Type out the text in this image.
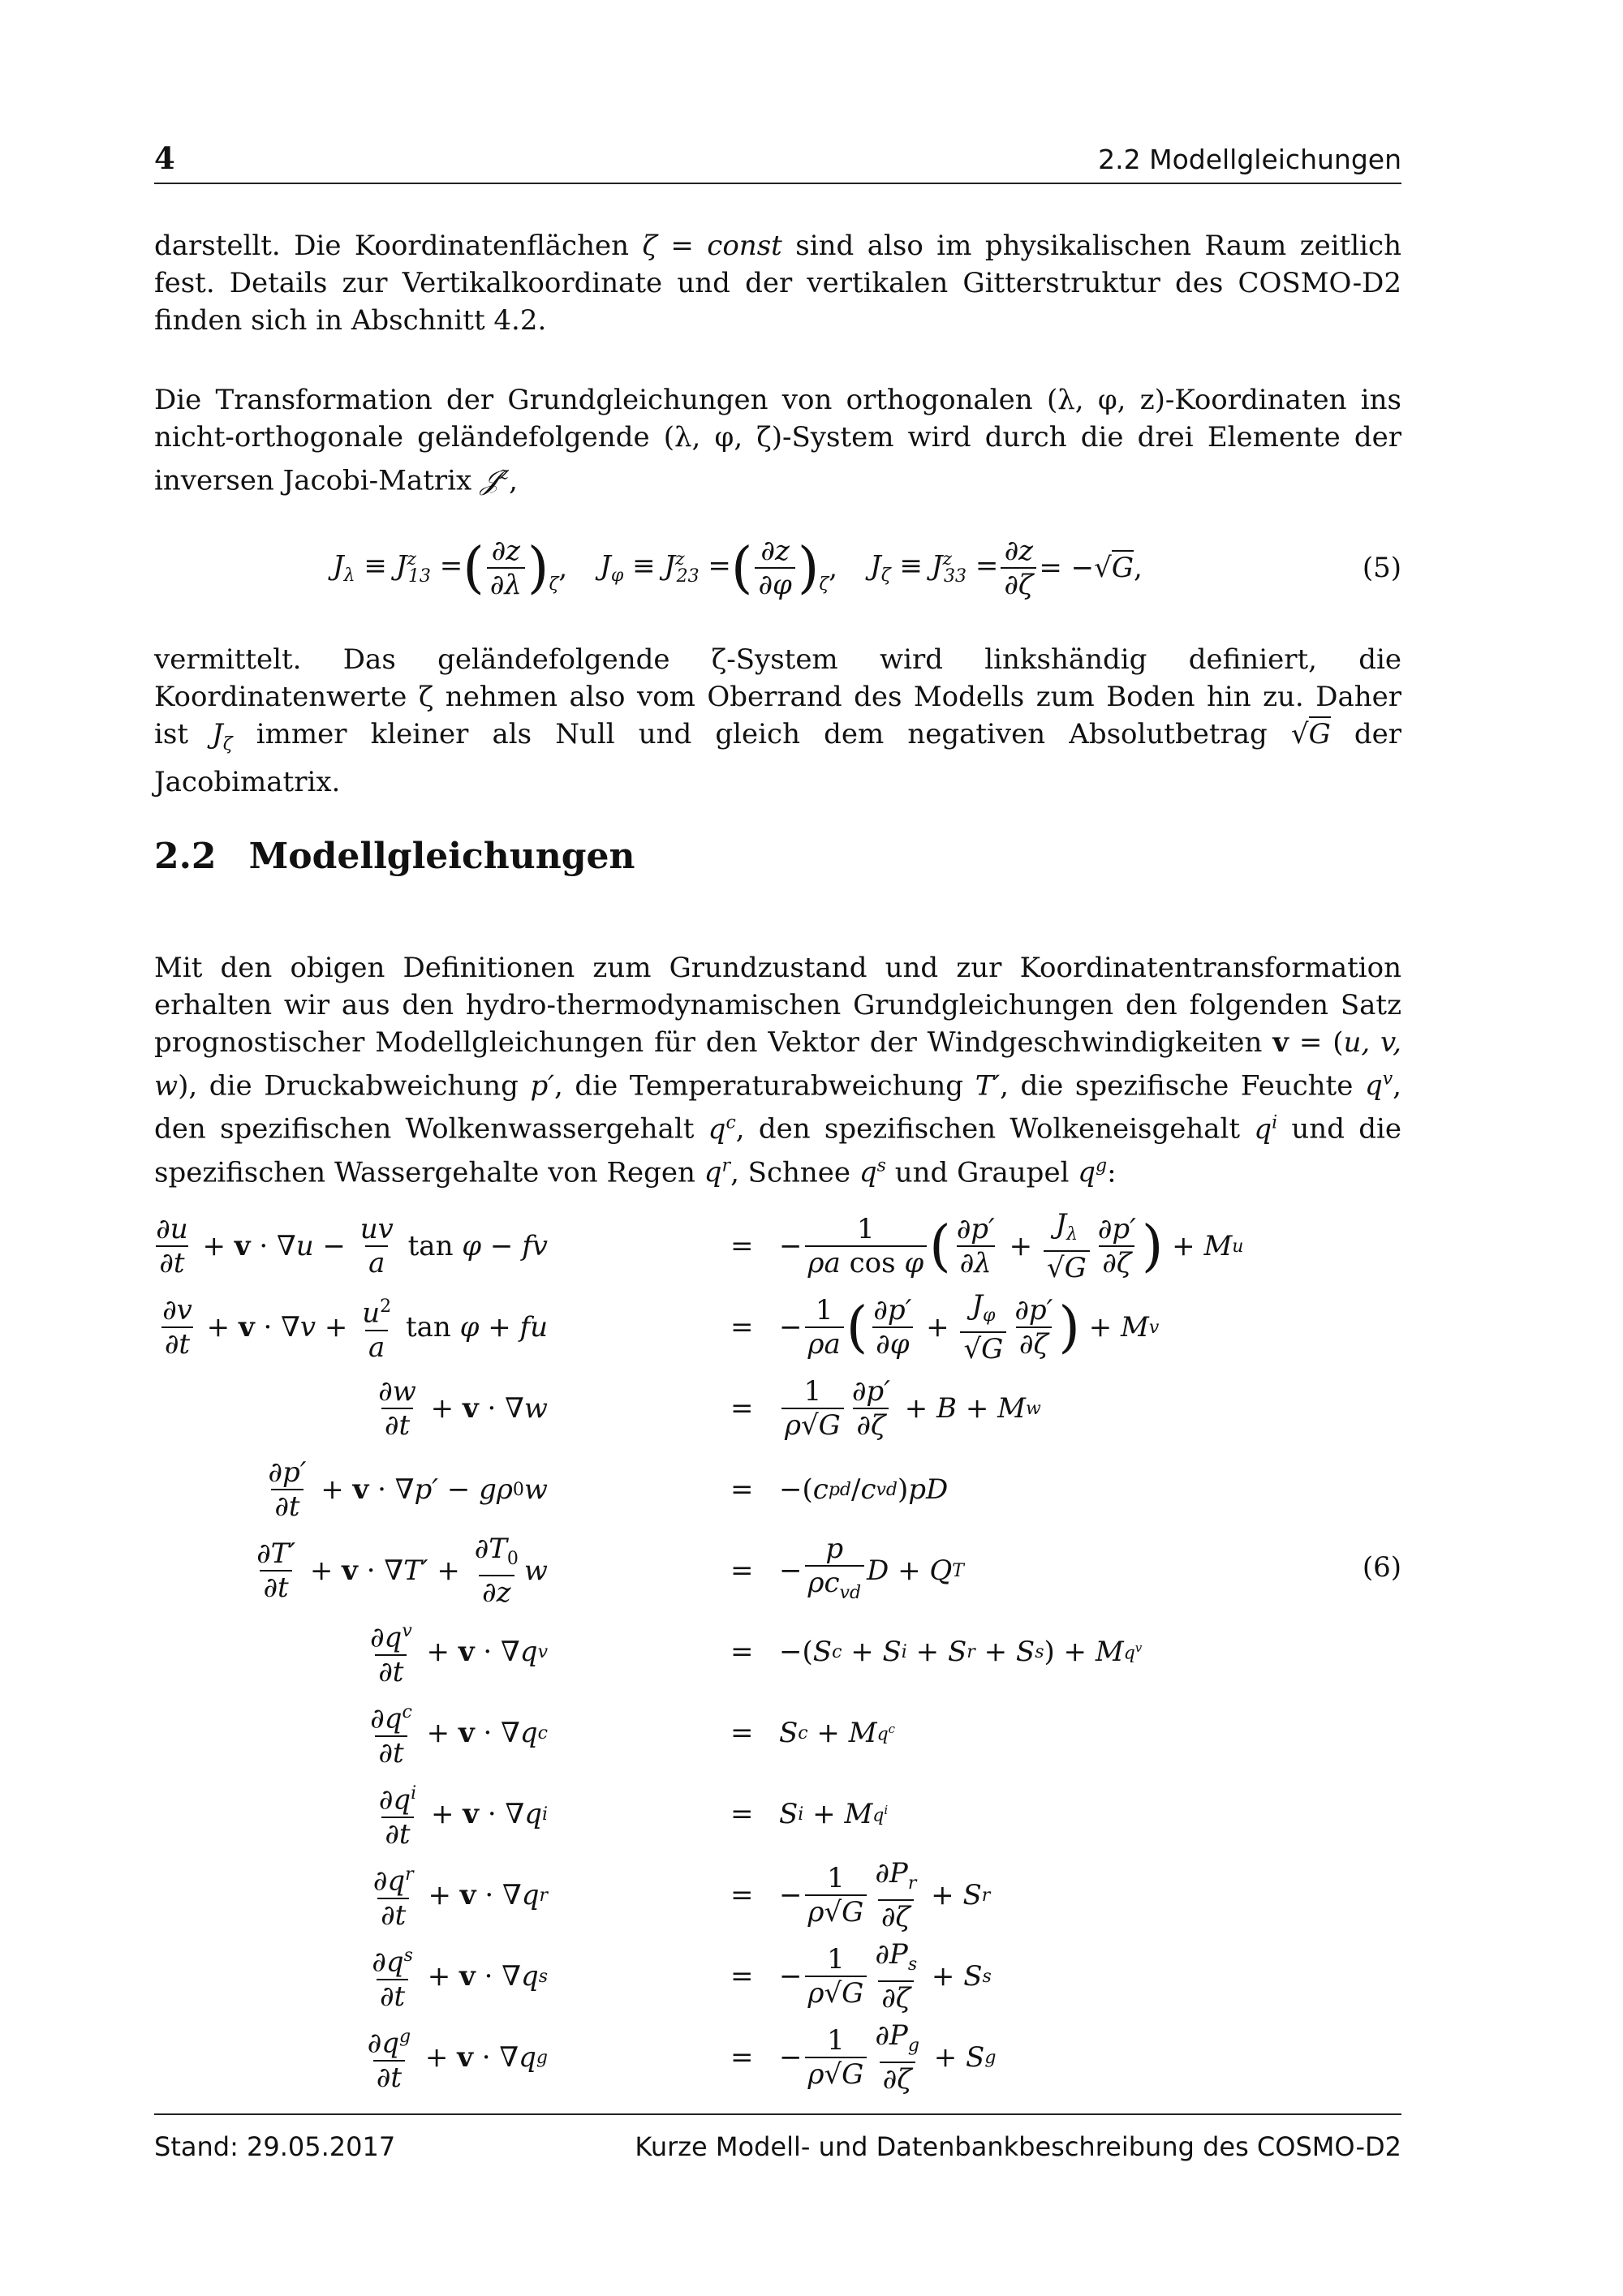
4	2.2 Modellgleichungen

darstellt. Die Koordinatenflächen ζ = const sind also im physikalischen Raum zeitlich fest. Details zur Vertikalkoordinate und der vertikalen Gitterstruktur des COSMO-D2 finden sich in Abschnitt 4.2.

Die Transformation der Grundgleichungen von orthogonalen (λ, φ, z)-Koordinaten ins nicht-orthogonale geländefolgende (λ, φ, ζ)-System wird durch die drei Elemente der inversen Jacobi-Matrix 𝒥$^z$,

$J_\lambda \equiv J^z_{13}$ = ( $\frac{\partial z}{\partial\lambda} )_\zeta$ , $J_\varphi \equiv J^z_{23}$ = ( $\frac{\partial z}{\partial\varphi} )_\zeta$ , $J_\zeta \equiv J^z_{33} = \frac{\partial z}{\partial\zeta} = -√G$,	(5)

vermittelt. Das geländefolgende ζ-System wird linkshändig definiert, die Koordinatenwerte ζ nehmen also vom Oberrand des Modells zum Boden hin zu. Daher ist $J_\zeta$ immer kleiner als Null und gleich dem negativen Absolutbetrag √G der Jacobimatrix.

2.2 Modellgleichungen

Mit den obigen Definitionen zum Grundzustand und zur Koordinatentransformation erhalten wir aus den hydro-thermodynamischen Grundgleichungen den folgenden Satz prognostischer Modellgleichungen für den Vektor der Windgeschwindigkeiten v = (u, v, w), die Druckabweichung p′, die Temperaturabweichung T′, die spezifische Feuchte $q^v$, den spezifischen Wolkenwassergehalt $q^c$, den spezifischen Wolkeneisgehalt $q^i$ und die spezifischen Wassergehalte von Regen $q^r$, Schnee $q^s$ und Graupel $q^g$:

$\frac{\partial u}{\partial t} + v$ · ∇ $u - \frac{uv}{a}$ tan φ − fv	= − $\frac{1}{\text{ρa cos φ}}$ ( $\frac{\partial p'}{\partial\lambda} + \frac{J_\lambda}{√G} \frac{\partial p'}{\partial\zeta}$ ) + M u
$\frac{\partial v}{\partial t} + v$ · ∇ $v + \frac{u^2}{a}$ tan φ + fu	= − $\frac{1}{\rho a}$ ( $\frac{\partial p'}{\partial\varphi} + \frac{J_\varphi}{√G} \frac{\partial p'}{\partial\zeta}$ ) + M v
$\frac{\partial w}{\partial t} + v$ · ∇ w	= $\frac{1}{\rho√G} \frac{\partial p'}{\partial\zeta} + B + M$ w
$\frac{\partial p'}{\partial t} + v$ · ∇ p′ − gρ 0 w	= −( c pd / c vd ) pD
$\frac{\partial T'}{\partial t} + v$ · ∇ $T' + \frac{\partial T_0}{\partial z}$ w	= − $\frac{p}{\rho c_{vd}}$ D + Q T	(6)
$\frac{\partial q^v}{\partial t} + v$ · ∇ q v	= −( S c + S i + S r + S s ) + M $q^v$
$\frac{\partial q^c}{\partial t} + v$ · ∇ q c	= S c + M $q^c$
$\frac{\partial q^i}{\partial t} + v$ · ∇ q i	= S i + M $q^i$
$\frac{\partial q^r}{\partial t} + v$ · ∇ q r	= − $\frac{1}{\rho√G} \frac{\partial P_r}{\partial\zeta} + S$ r
$\frac{\partial q^s}{\partial t} + v$ · ∇ q s	= − $\frac{1}{\rho√G} \frac{\partial P_s}{\partial\zeta} + S$ s
$\frac{\partial q^g}{\partial t} + v$ · ∇ q g	= − $\frac{1}{\rho√G} \frac{\partial P_g}{\partial\zeta} + S$ g
Stand: 29.05.2017	Kurze Modell- und Datenbankbeschreibung des COSMO-D2
